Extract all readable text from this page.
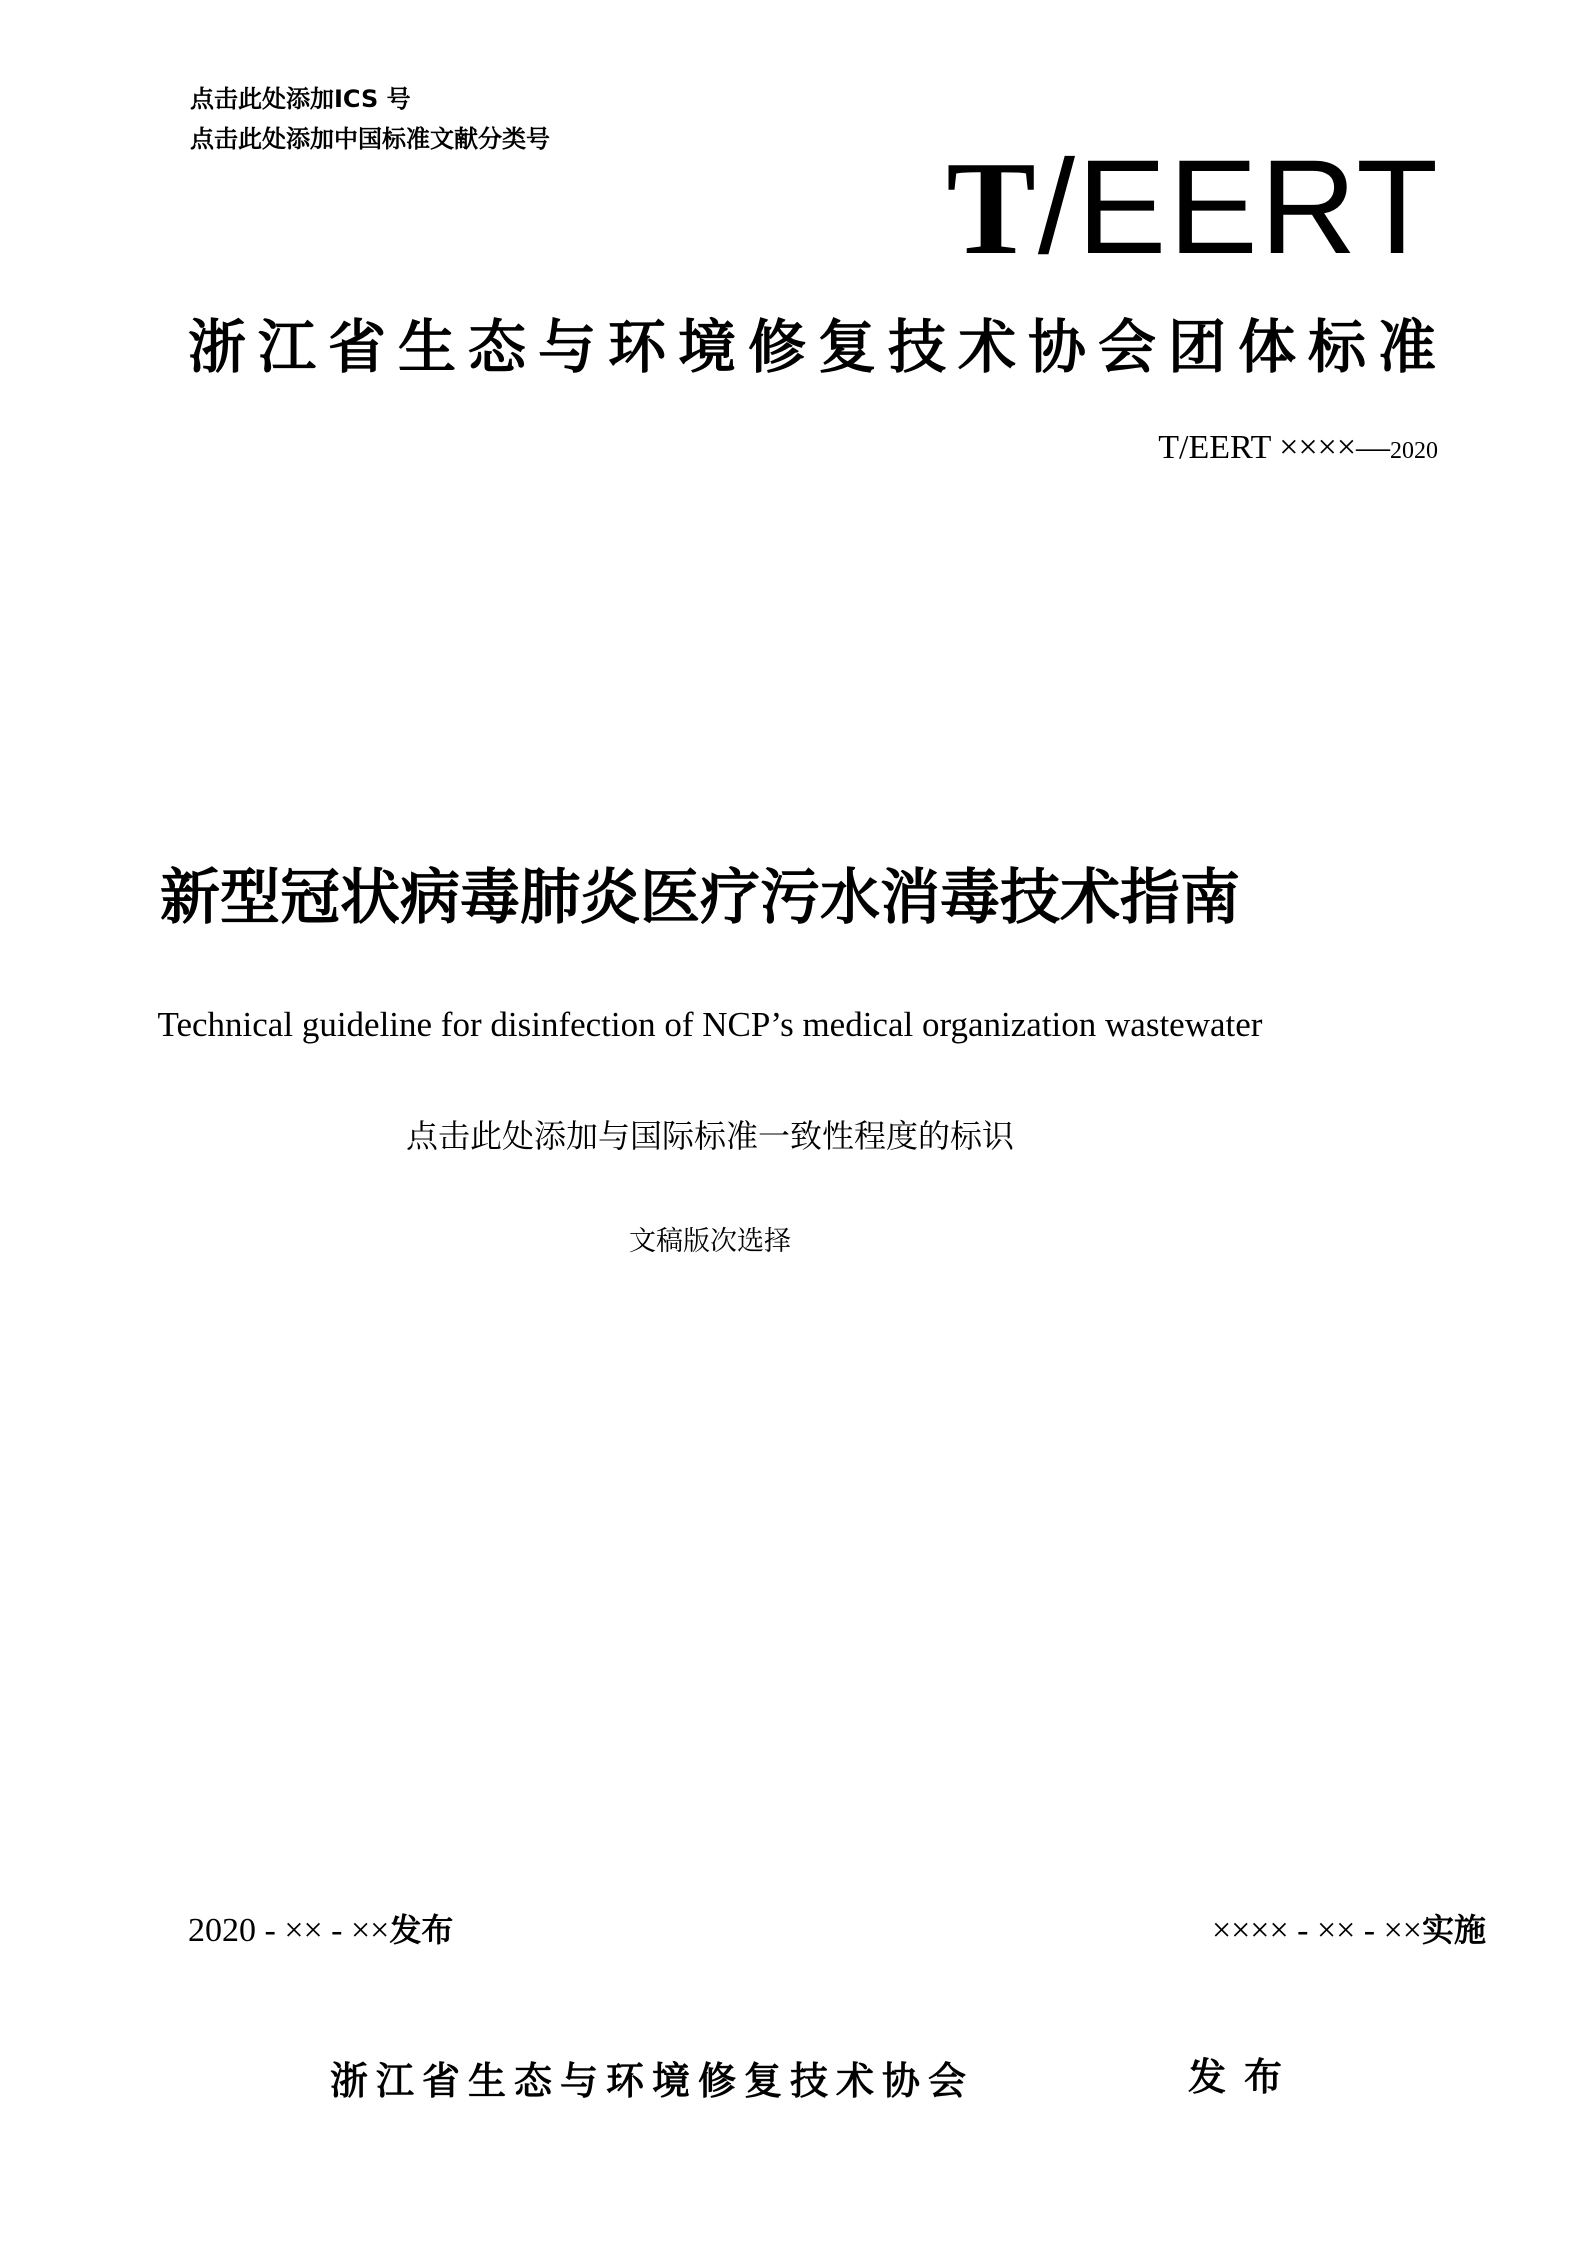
点击此处添加ICS 号
点击此处添加中国标准文献分类号	T/EERT
浙江省生态与环境修复技术协会团体标准
T/EERT ××××—2020
新型冠状病毒肺炎医疗污水消毒技术指南
Technical guideline for disinfection of NCP’s medical organization wastewater
点击此处添加与国际标准一致性程度的标识
文稿版次选择
2020 - ×× - ××发布	×××× - ×× - ××实施
浙江省生态与环境修复技术协会	发布
